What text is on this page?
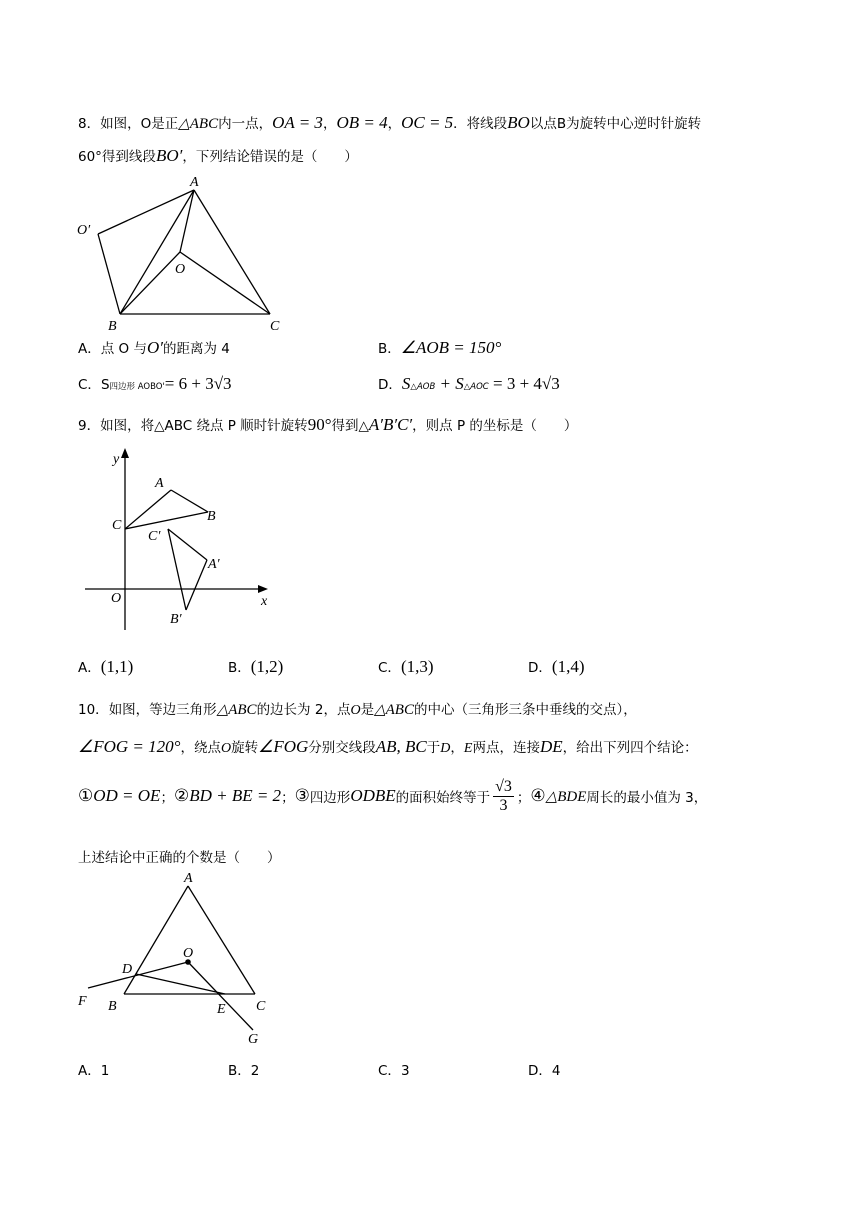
8．如图，O是正△ABC内一点，OA = 3，OB = 4，OC = 5．将线段BO以点B为旋转中心逆时针旋转
60°得到线段BO′，下列结论错误的是（　　）
A
B	C
O
O′
A．点 O 与O′的距离为 4	B．∠AOB = 150°
C．S四边形 AOBO'= 6 + 3√3	D．S△AOB + S△AOC = 3 + 4√3
9．如图，将△ABC 绕点 P 顺时针旋转90°得到△A′B′C′，则点 P 的坐标是（　　）
y
x
O
A
B
C
A′
B′
C′
A．(1,1)	B．(1,2)	C．(1,3)	D．(1,4)
10．如图，等边三角形△ABC的边长为 2，点O是△ABC的中心（三角形三条中垂线的交点），
∠FOG = 120°，绕点O旋转∠FOG分别交线段AB, BC于D，E两点，连接DE，给出下列四个结论：
① OD = OE ； ② BD + BE = 2 ； ③ 四边形 ODBE 的面积始终等于 $\frac{√3}{3}$ ； ④ △BDE 周长的最小值为 3，
上述结论中正确的个数是（　　）
A
B	C
O
D
E
F
G
A．1	B．2	C．3	D．4
